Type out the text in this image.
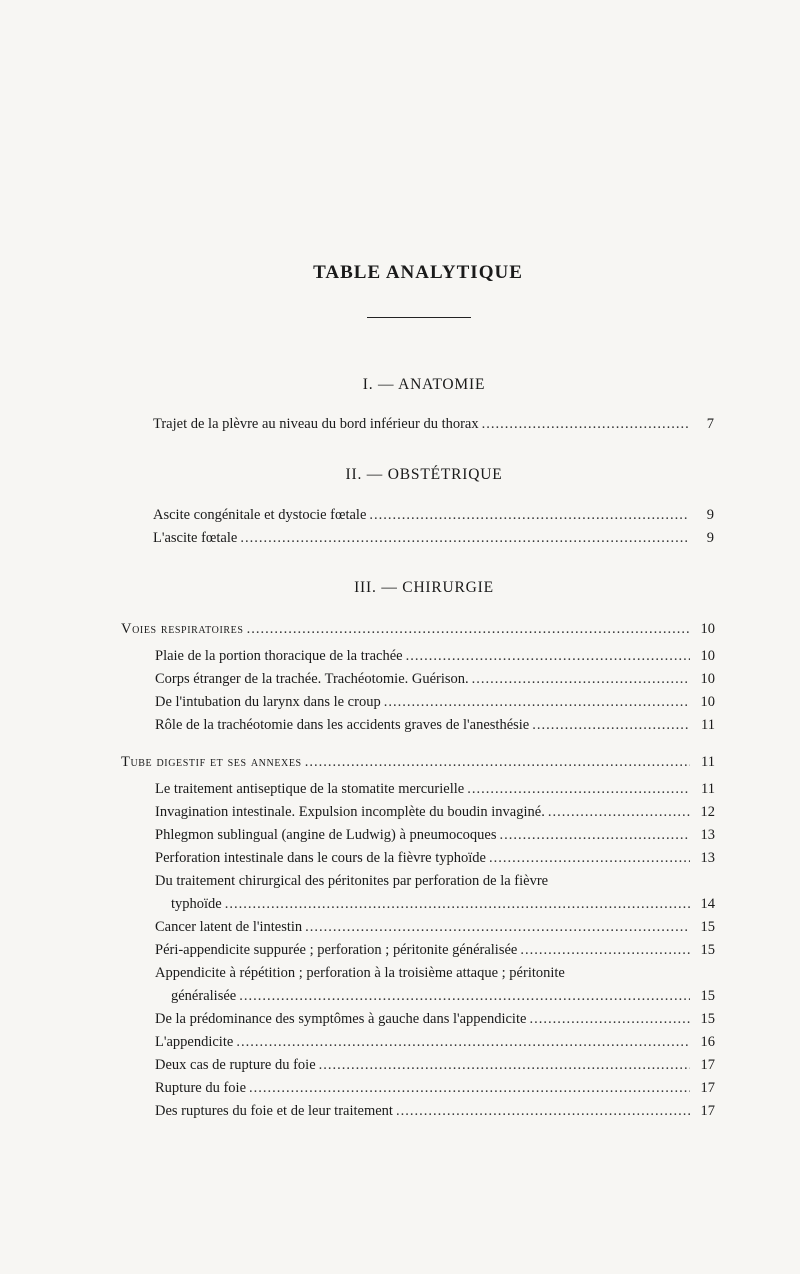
TABLE ANALYTIQUE
I. — ANATOMIE
Trajet de la plèvre au niveau du bord inférieur du thorax .....	7
II. — OBSTÉTRIQUE
Ascite congénitale et dystocie fœtale .....	9
L'ascite fœtale .....	9
III. — CHIRURGIE
Voies respiratoires .....	10
Plaie de la portion thoracique de la trachée .....	10
Corps étranger de la trachée. Trachéotomie. Guérison. .....	10
De l'intubation du larynx dans le croup .....	10
Rôle de la trachéotomie dans les accidents graves de l'anesthésie .....	11
Tube digestif et ses annexes .....	11
Le traitement antiseptique de la stomatite mercurielle .....	11
Invagination intestinale. Expulsion incomplète du boudin invaginé. .....	12
Phlegmon sublingual (angine de Ludwig) à pneumocoques .....	13
Perforation intestinale dans le cours de la fièvre typhoïde .....	13
Du traitement chirurgical des péritonites par perforation de la fièvre
typhoïde .....	14
Cancer latent de l'intestin .....	15
Péri-appendicite suppurée ; perforation ; péritonite généralisée .....	15
Appendicite à répétition ; perforation à la troisième attaque ; péritonite
généralisée .....	15
De la prédominance des symptômes à gauche dans l'appendicite .....	15
L'appendicite .....	16
Deux cas de rupture du foie .....	17
Rupture du foie .....	17
Des ruptures du foie et de leur traitement .....	17
